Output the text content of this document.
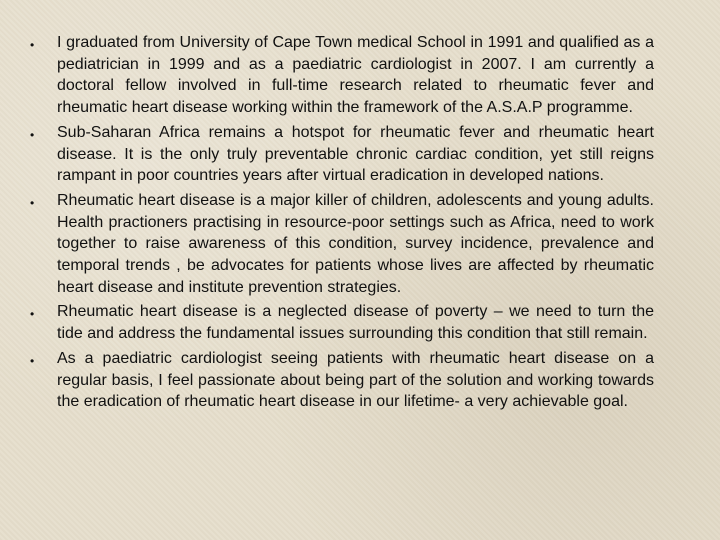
• I graduated from University of Cape Town medical School in 1991 and qualified as a pediatrician in 1999 and as a paediatric cardiologist in 2007. I am currently a doctoral fellow involved in full-time research related to rheumatic fever and rheumatic heart disease working within the framework of the A.S.A.P programme.
• Sub-Saharan Africa remains a hotspot for rheumatic fever and rheumatic heart disease. It is the only truly preventable chronic cardiac condition, yet still reigns rampant in poor countries years after virtual eradication in developed nations.
• Rheumatic heart disease is a major killer of children, adolescents and young adults. Health practioners practising in resource-poor settings such as Africa, need to work together to raise awareness of this condition, survey incidence, prevalence and temporal trends , be advocates for patients whose lives are affected by rheumatic heart disease and institute prevention strategies.
• Rheumatic heart disease is a neglected disease of poverty – we need to turn the tide and address the fundamental issues surrounding this condition that still remain.
• As a paediatric cardiologist seeing patients with rheumatic heart disease on a regular basis, I feel passionate about being part of the solution and working towards the eradication of rheumatic heart disease in our lifetime- a very achievable goal.
